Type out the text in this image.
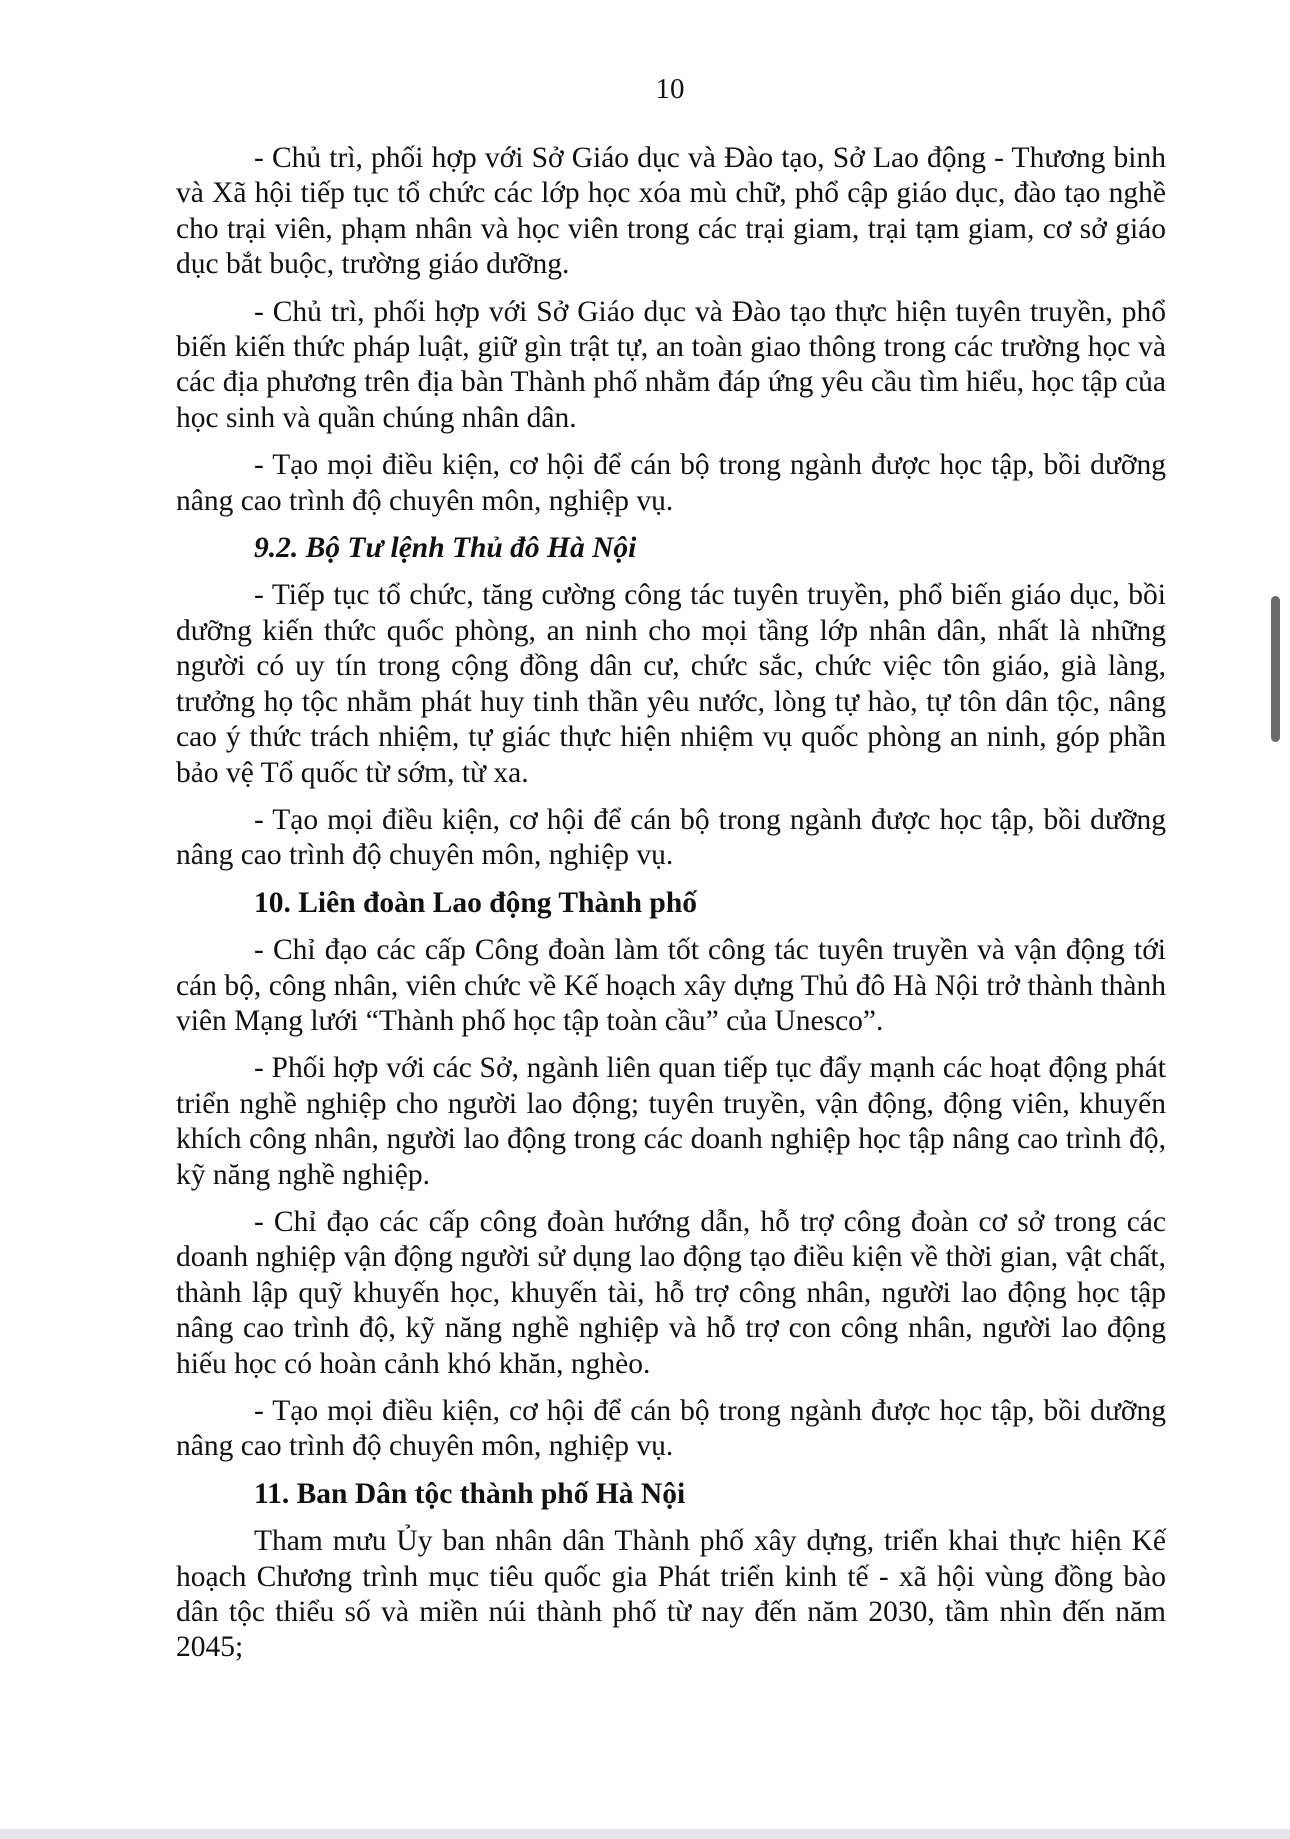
10

- Chủ trì, phối hợp với Sở Giáo dục và Đào tạo, Sở Lao động - Thương binh và Xã hội tiếp tục tổ chức các lớp học xóa mù chữ, phổ cập giáo dục, đào tạo nghề cho trại viên, phạm nhân và học viên trong các trại giam, trại tạm giam, cơ sở giáo dục bắt buộc, trường giáo dưỡng.

- Chủ trì, phối hợp với Sở Giáo dục và Đào tạo thực hiện tuyên truyền, phổ biến kiến thức pháp luật, giữ gìn trật tự, an toàn giao thông trong các trường học và các địa phương trên địa bàn Thành phố nhằm đáp ứng yêu cầu tìm hiểu, học tập của học sinh và quần chúng nhân dân.

- Tạo mọi điều kiện, cơ hội để cán bộ trong ngành được học tập, bồi dưỡng nâng cao trình độ chuyên môn, nghiệp vụ.

9.2. Bộ Tư lệnh Thủ đô Hà Nội

- Tiếp tục tổ chức, tăng cường công tác tuyên truyền, phổ biến giáo dục, bồi dưỡng kiến thức quốc phòng, an ninh cho mọi tầng lớp nhân dân, nhất là những người có uy tín trong cộng đồng dân cư, chức sắc, chức việc tôn giáo, già làng, trưởng họ tộc nhằm phát huy tinh thần yêu nước, lòng tự hào, tự tôn dân tộc, nâng cao ý thức trách nhiệm, tự giác thực hiện nhiệm vụ quốc phòng an ninh, góp phần bảo vệ Tổ quốc từ sớm, từ xa.

- Tạo mọi điều kiện, cơ hội để cán bộ trong ngành được học tập, bồi dưỡng nâng cao trình độ chuyên môn, nghiệp vụ.

10. Liên đoàn Lao động Thành phố

- Chỉ đạo các cấp Công đoàn làm tốt công tác tuyên truyền và vận động tới cán bộ, công nhân, viên chức về Kế hoạch xây dựng Thủ đô Hà Nội trở thành thành viên Mạng lưới “Thành phố học tập toàn cầu” của Unesco”.

- Phối hợp với các Sở, ngành liên quan tiếp tục đẩy mạnh các hoạt động phát triển nghề nghiệp cho người lao động; tuyên truyền, vận động, động viên, khuyến khích công nhân, người lao động trong các doanh nghiệp học tập nâng cao trình độ, kỹ năng nghề nghiệp.

- Chỉ đạo các cấp công đoàn hướng dẫn, hỗ trợ công đoàn cơ sở trong các doanh nghiệp vận động người sử dụng lao động tạo điều kiện về thời gian, vật chất, thành lập quỹ khuyến học, khuyến tài, hỗ trợ công nhân, người lao động học tập nâng cao trình độ, kỹ năng nghề nghiệp và hỗ trợ con công nhân, người lao động hiếu học có hoàn cảnh khó khăn, nghèo.

- Tạo mọi điều kiện, cơ hội để cán bộ trong ngành được học tập, bồi dưỡng nâng cao trình độ chuyên môn, nghiệp vụ.

11. Ban Dân tộc thành phố Hà Nội

Tham mưu Ủy ban nhân dân Thành phố xây dựng, triển khai thực hiện Kế hoạch Chương trình mục tiêu quốc gia Phát triển kinh tế - xã hội vùng đồng bào dân tộc thiểu số và miền núi thành phố từ nay đến năm 2030, tầm nhìn đến năm 2045;
